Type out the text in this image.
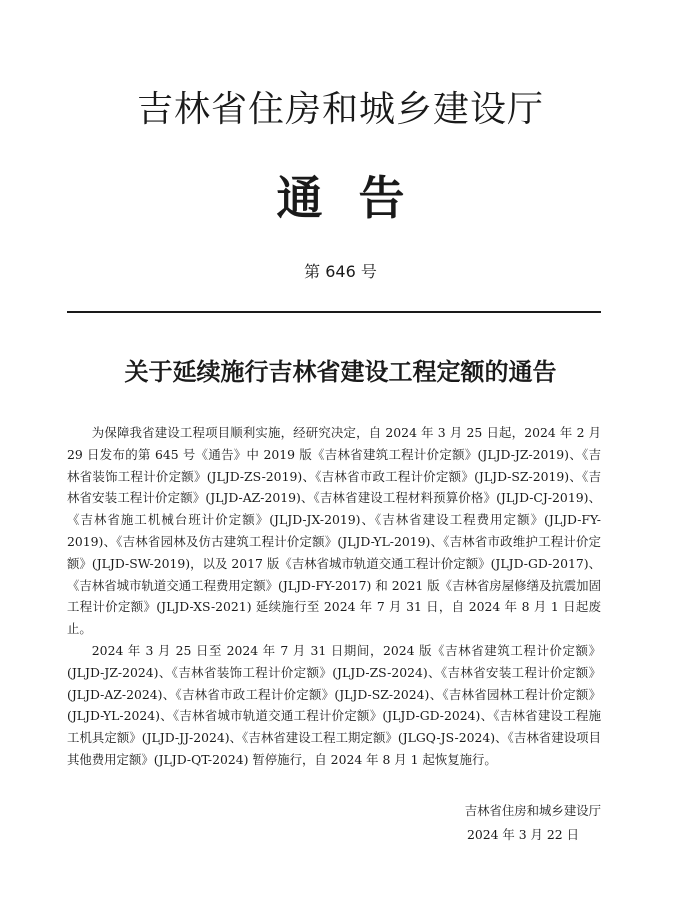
吉林省住房和城乡建设厅
通告
第 646 号
关于延续施行吉林省建设工程定额的通告

为保障我省建设工程项目顺利实施，经研究决定，自 2024 年 3 月 25 日起，2024 年 2 月 29 日发布的第 645 号《通告》中 2019 版《吉林省建筑工程计价定额》(JLJD-JZ-2019)、《吉林省装饰工程计价定额》(JLJD-ZS-2019)、《吉林省市政工程计价定额》(JLJD-SZ-2019)、《吉林省安装工程计价定额》(JLJD-AZ-2019)、《吉林省建设工程材料预算价格》(JLJD-CJ-2019)、《吉林省施工机械台班计价定额》(JLJD-JX-2019)、《吉林省建设工程费用定额》(JLJD-FY-2019)、《吉林省园林及仿古建筑工程计价定额》(JLJD-YL-2019)、《吉林省市政维护工程计价定额》(JLJD-SW-2019)，以及 2017 版《吉林省城市轨道交通工程计价定额》(JLJD-GD-2017)、《吉林省城市轨道交通工程费用定额》(JLJD-FY-2017) 和 2021 版《吉林省房屋修缮及抗震加固工程计价定额》(JLJD-XS-2021) 延续施行至 2024 年 7 月 31 日，自 2024 年 8 月 1 日起废止。

2024 年 3 月 25 日至 2024 年 7 月 31 日期间，2024 版《吉林省建筑工程计价定额》(JLJD-JZ-2024)、《吉林省装饰工程计价定额》(JLJD-ZS-2024)、《吉林省安装工程计价定额》(JLJD-AZ-2024)、《吉林省市政工程计价定额》(JLJD-SZ-2024)、《吉林省园林工程计价定额》(JLJD-YL-2024)、《吉林省城市轨道交通工程计价定额》(JLJD-GD-2024)、《吉林省建设工程施工机具定额》(JLJD-JJ-2024)、《吉林省建设工程工期定额》(JLGQ-JS-2024)、《吉林省建设项目其他费用定额》(JLJD-QT-2024) 暂停施行，自 2024 年 8 月 1 起恢复施行。

吉林省住房和城乡建设厅
2024 年 3 月 22 日
